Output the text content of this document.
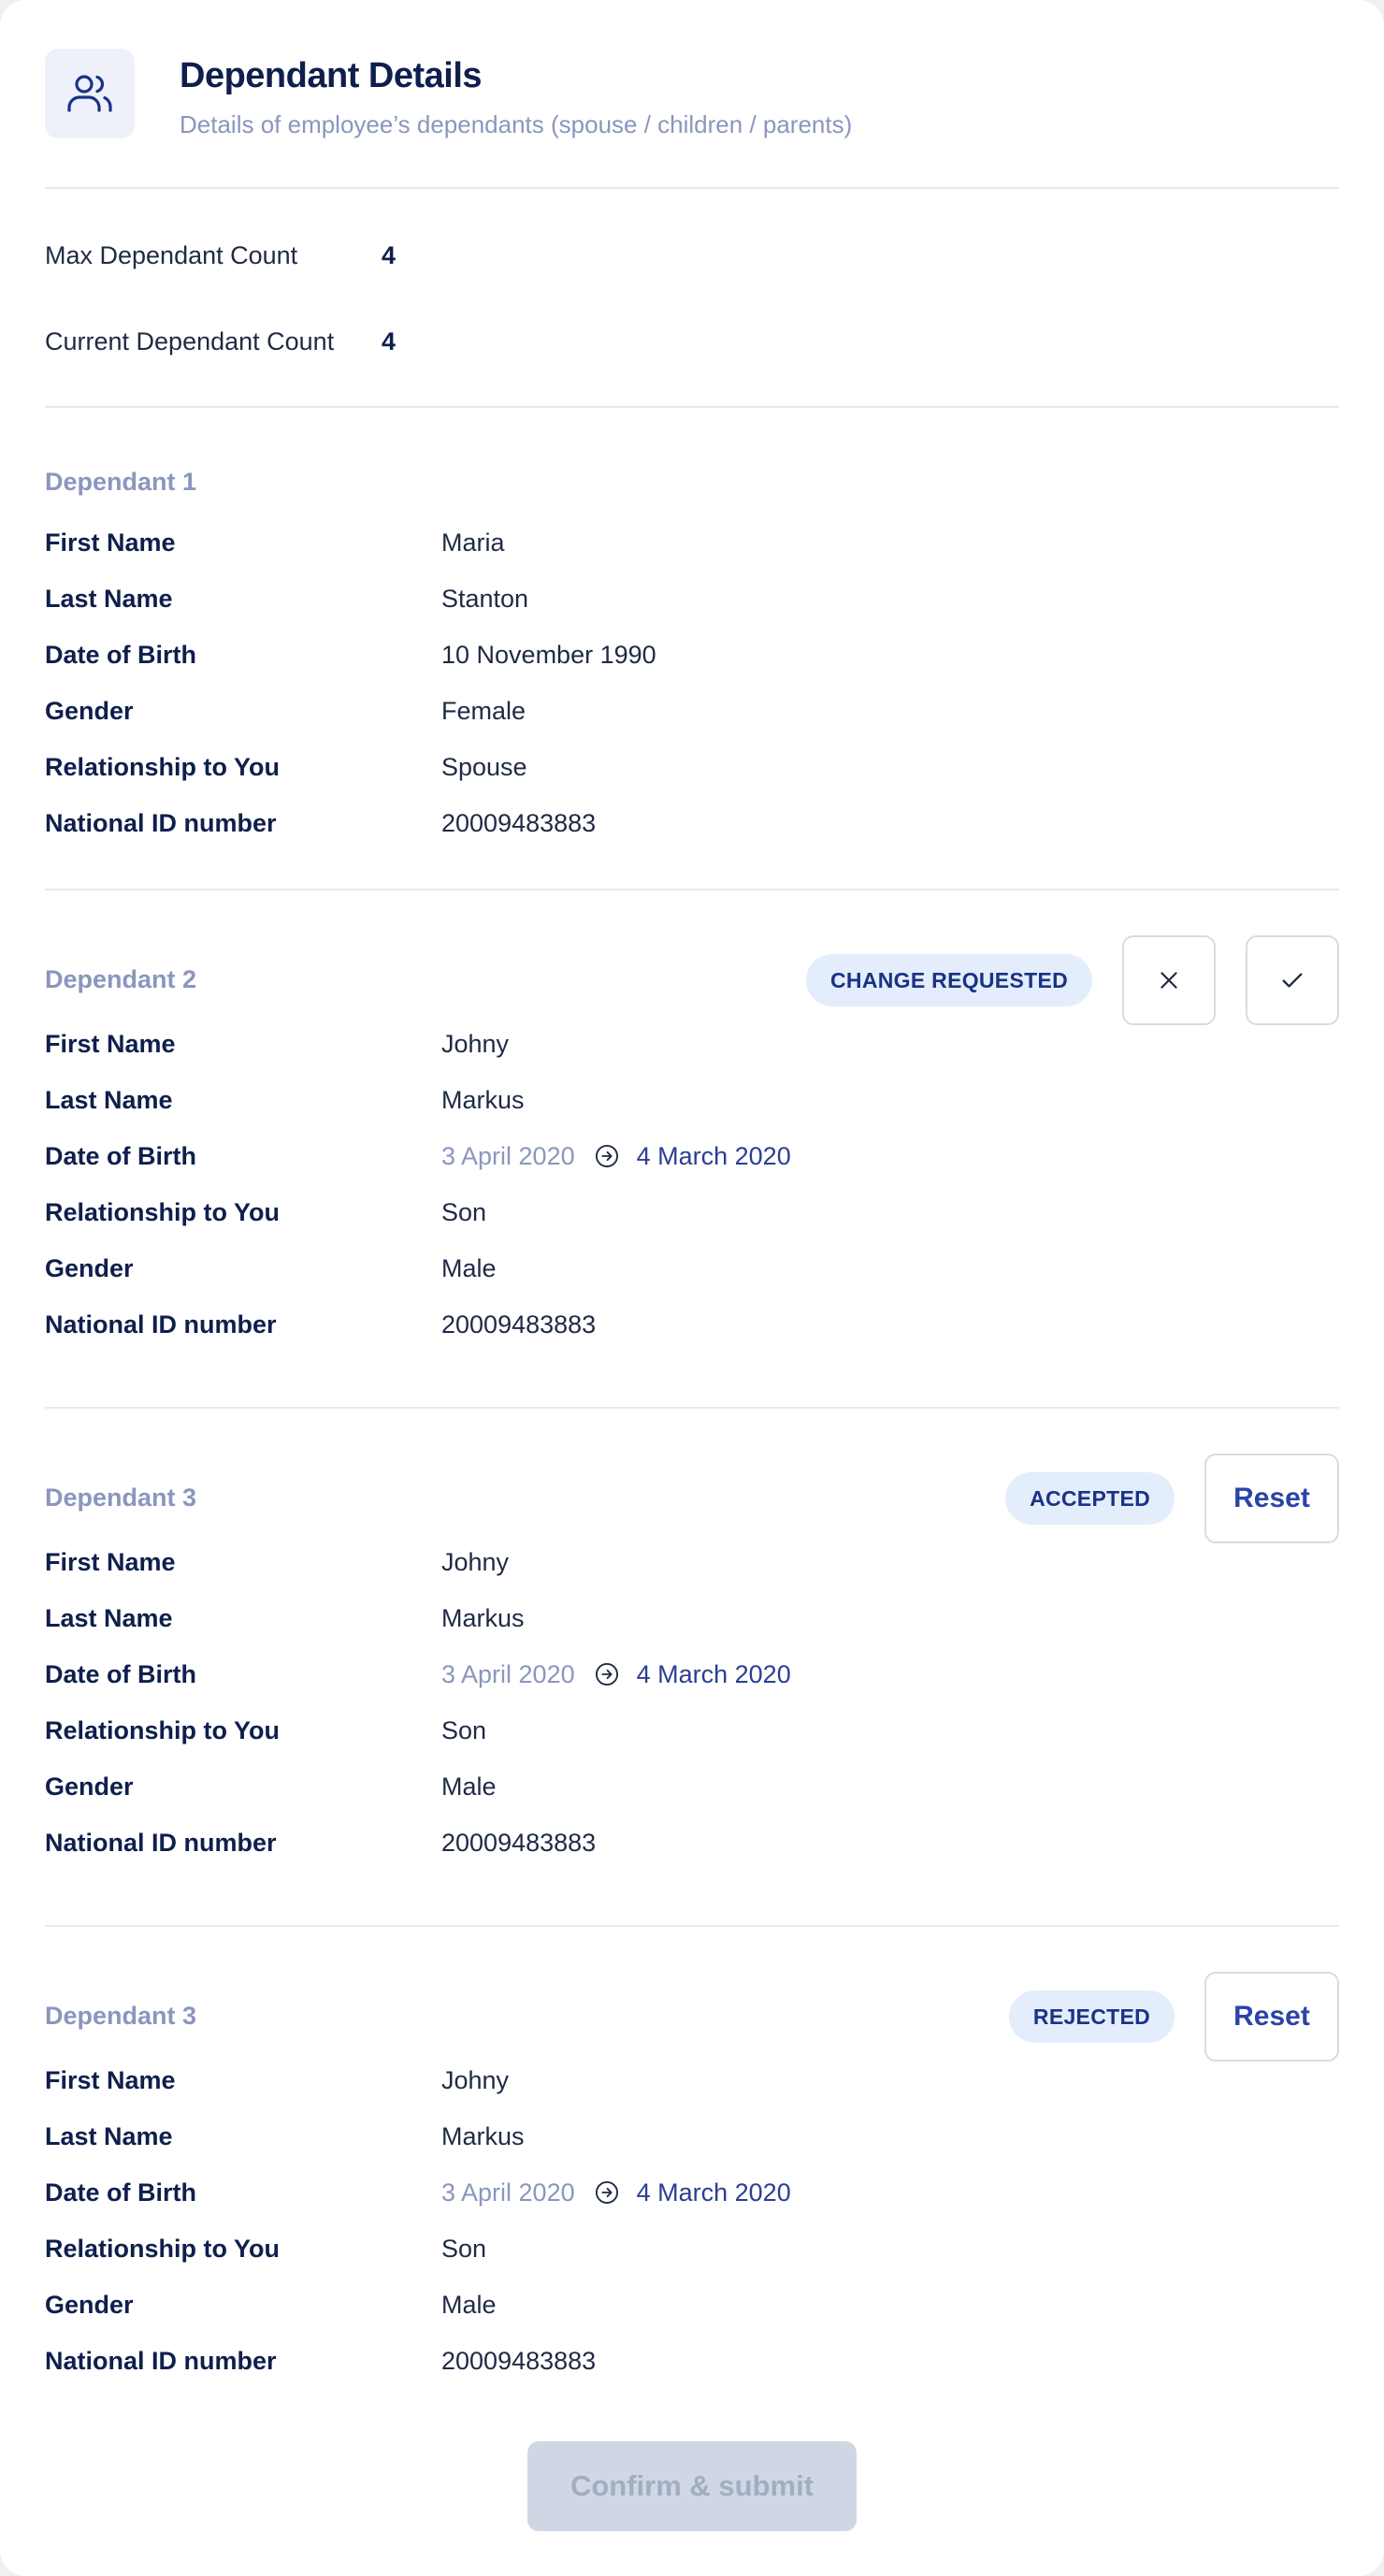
Dependant Details
Details of employee’s dependants (spouse / children / parents)
Max Dependant Count	4
Current Dependant Count	4
Dependant 1
First Name	Maria
Last Name	Stanton
Date of Birth	10 November 1990
Gender	Female
Relationship to You	Spouse
National ID number	20009483883
Dependant 2	CHANGE REQUESTED
First Name	Johny
Last Name	Markus
Date of Birth	3 April 2020 4 March 2020
Relationship to You	Son
Gender	Male
National ID number	20009483883
Dependant 3	ACCEPTED	Reset
First Name	Johny
Last Name	Markus
Date of Birth	3 April 2020 4 March 2020
Relationship to You	Son
Gender	Male
National ID number	20009483883
Dependant 3	REJECTED	Reset
First Name	Johny
Last Name	Markus
Date of Birth	3 April 2020 4 March 2020
Relationship to You	Son
Gender	Male
National ID number	20009483883
Confirm & submit
